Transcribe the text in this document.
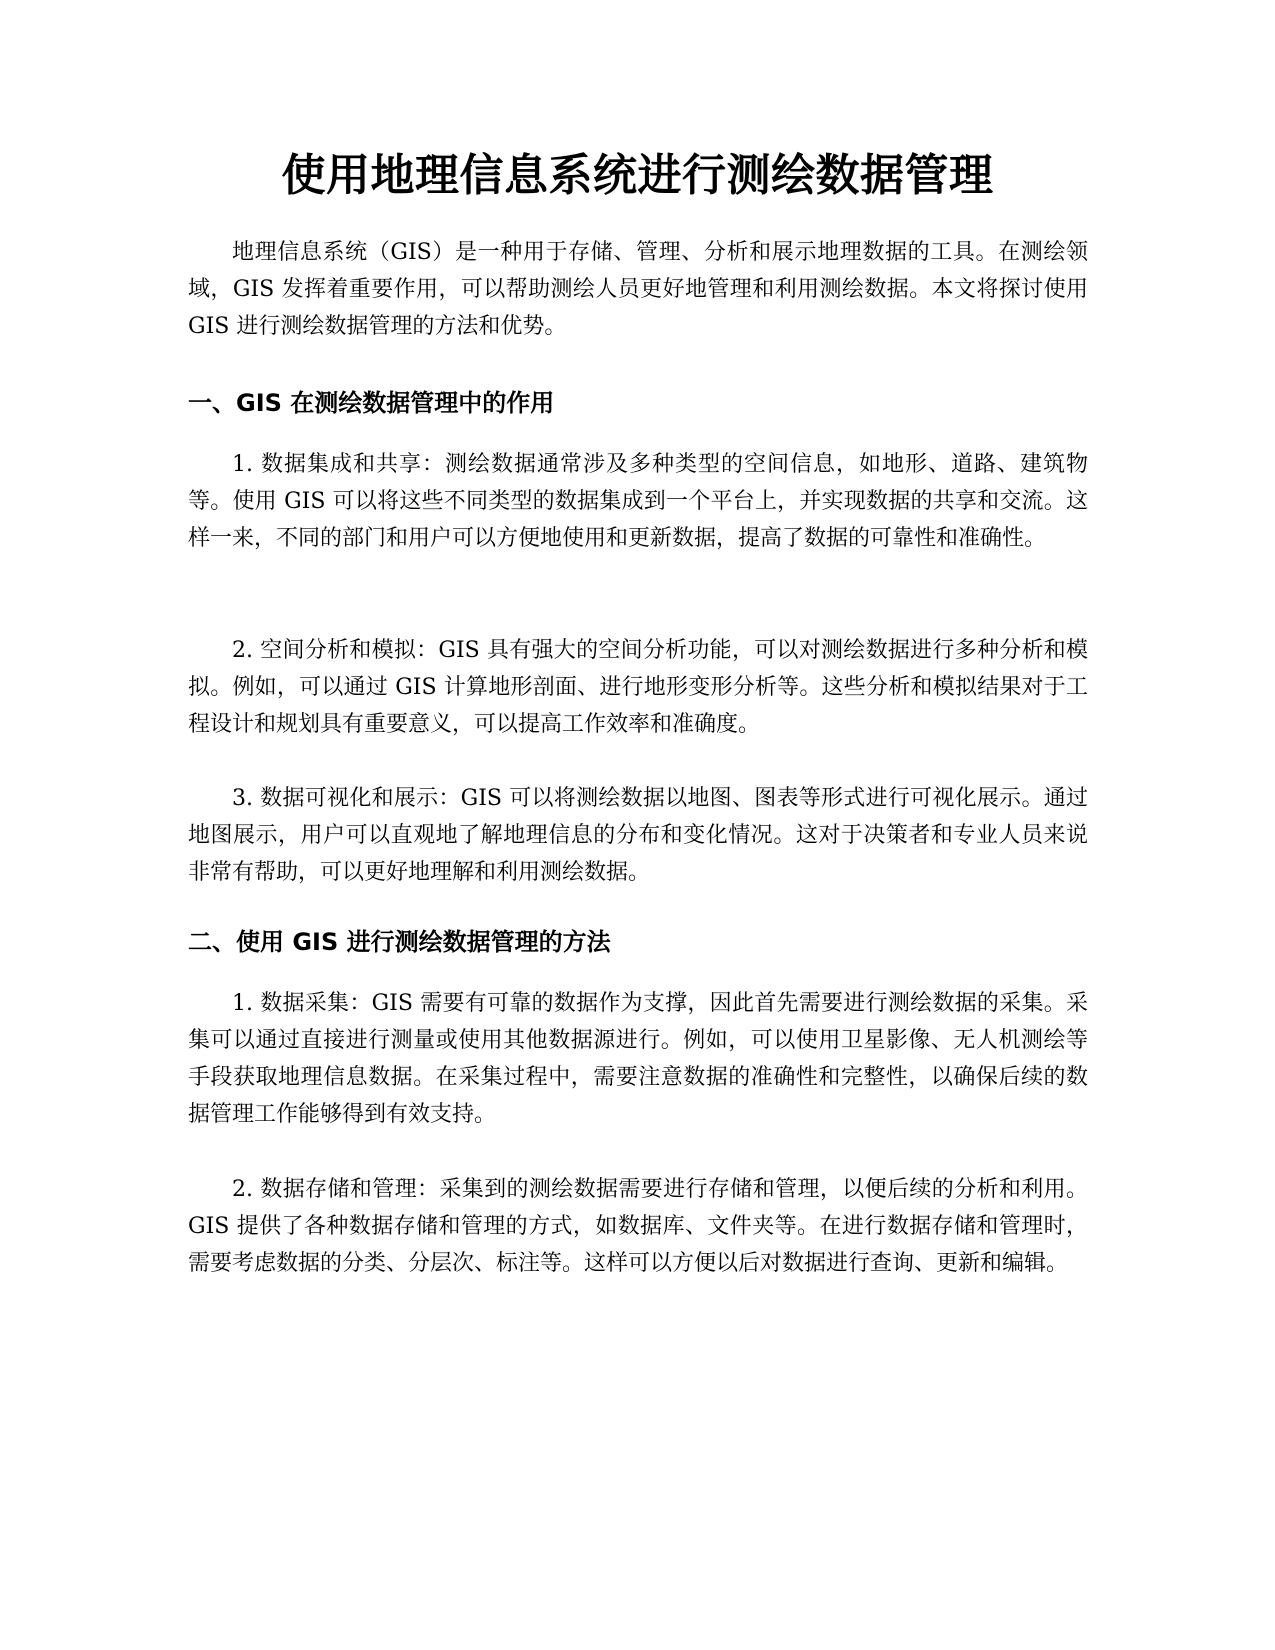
使用地理信息系统进行测绘数据管理

地理信息系统（GIS）是一种用于存储、管理、分析和展示地理数据的工具。在测绘领域，GIS 发挥着重要作用，可以帮助测绘人员更好地管理和利用测绘数据。本文将探讨使用 GIS 进行测绘数据管理的方法和优势。

一、GIS 在测绘数据管理中的作用

1. 数据集成和共享：测绘数据通常涉及多种类型的空间信息，如地形、道路、建筑物等。使用 GIS 可以将这些不同类型的数据集成到一个平台上，并实现数据的共享和交流。这样一来，不同的部门和用户可以方便地使用和更新数据，提高了数据的可靠性和准确性。

2. 空间分析和模拟：GIS 具有强大的空间分析功能，可以对测绘数据进行多种分析和模拟。例如，可以通过 GIS 计算地形剖面、进行地形变形分析等。这些分析和模拟结果对于工程设计和规划具有重要意义，可以提高工作效率和准确度。

3. 数据可视化和展示：GIS 可以将测绘数据以地图、图表等形式进行可视化展示。通过地图展示，用户可以直观地了解地理信息的分布和变化情况。这对于决策者和专业人员来说非常有帮助，可以更好地理解和利用测绘数据。

二、使用 GIS 进行测绘数据管理的方法

1. 数据采集：GIS 需要有可靠的数据作为支撑，因此首先需要进行测绘数据的采集。采集可以通过直接进行测量或使用其他数据源进行。例如，可以使用卫星影像、无人机测绘等手段获取地理信息数据。在采集过程中，需要注意数据的准确性和完整性，以确保后续的数据管理工作能够得到有效支持。

2. 数据存储和管理：采集到的测绘数据需要进行存储和管理，以便后续的分析和利用。GIS 提供了各种数据存储和管理的方式，如数据库、文件夹等。在进行数据存储和管理时，需要考虑数据的分类、分层次、标注等。这样可以方便以后对数据进行查询、更新和编辑。
